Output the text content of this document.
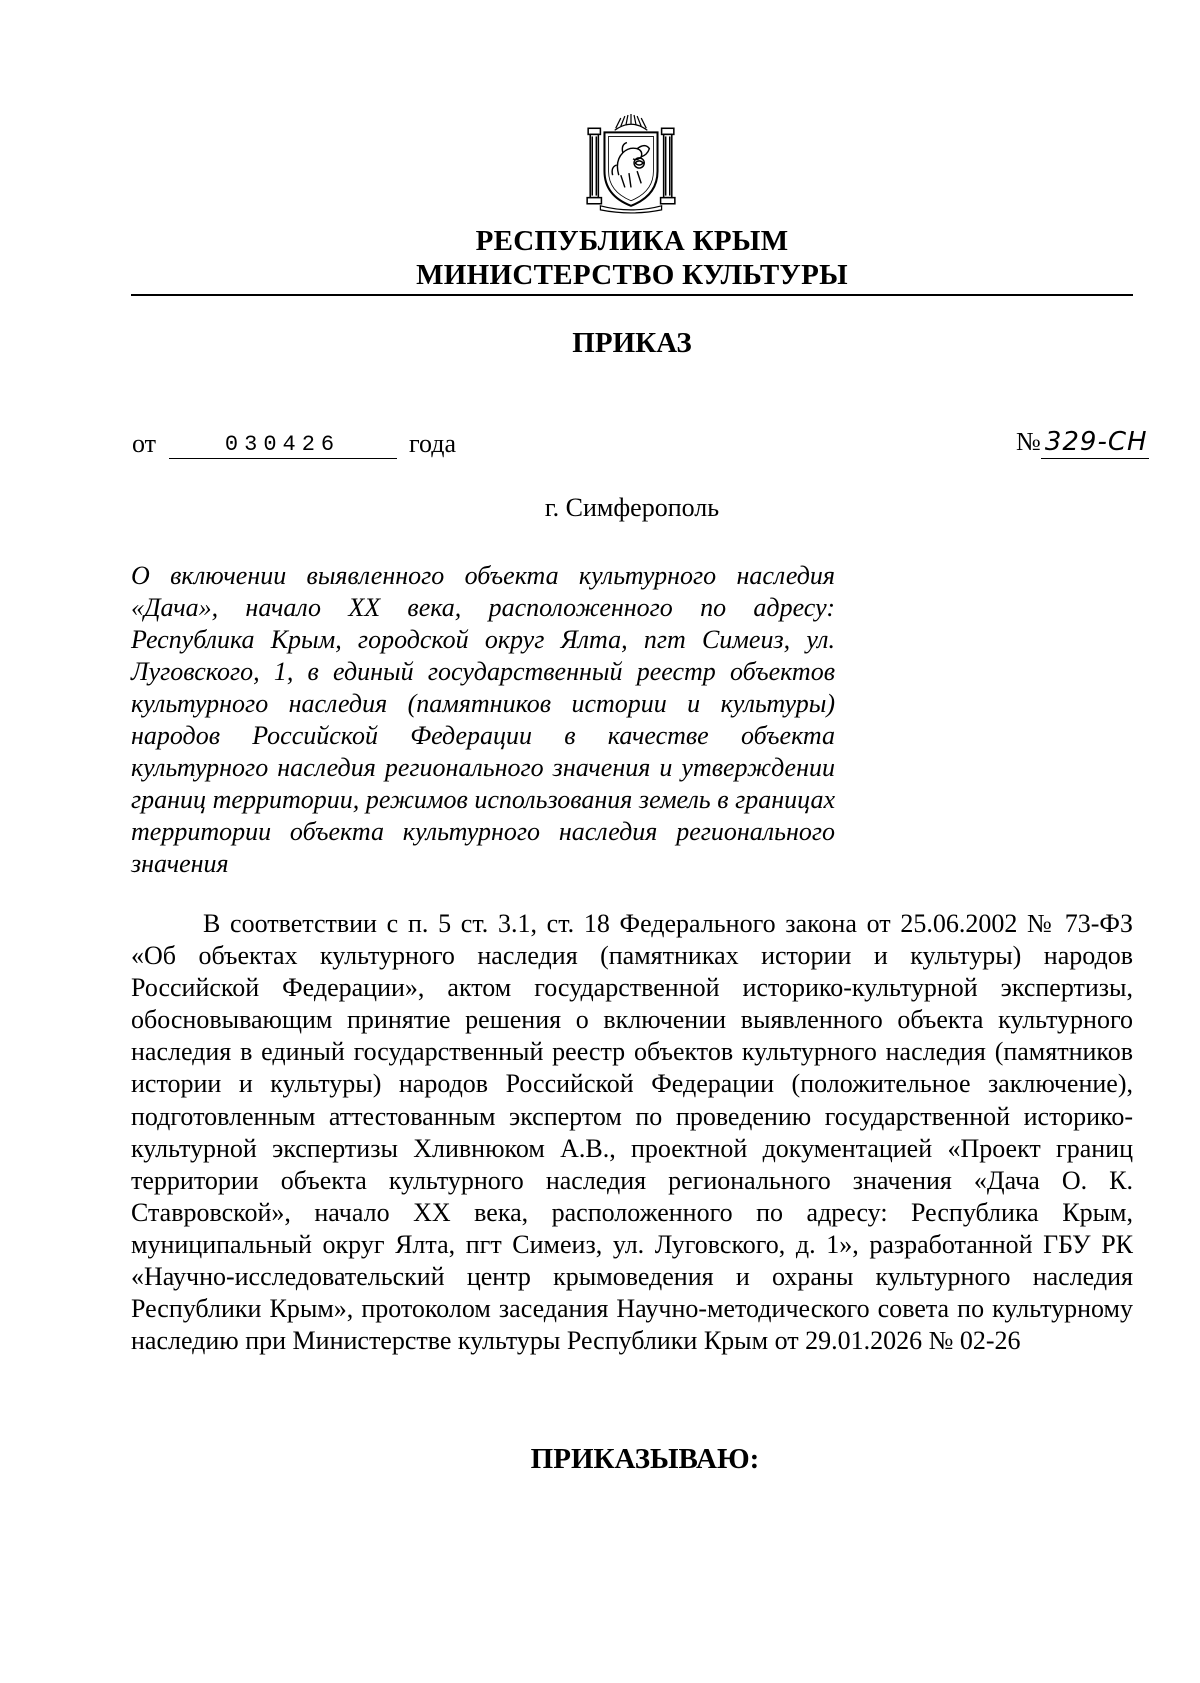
РЕСПУБЛИКА КРЫМ
МИНИСТЕРСТВО КУЛЬТУРЫ
ПРИКАЗ
от	030426	года	№ 329-СН
г. Симферополь
О включении выявленного объекта культурного наследия «Дача», начало XX века, расположенного по адресу: Республика Крым, городской округ Ялта, пгт Симеиз, ул. Луговского, 1, в единый государственный реестр объектов культурного наследия (памятников истории и культуры) народов Российской Федерации в качестве объекта культурного наследия регионального значения и утверждении границ территории, режимов использования земель в границах территории объекта культурного наследия регионального значения
В соответствии с п. 5 ст. 3.1, ст. 18 Федерального закона от 25.06.2002 № 73-ФЗ «Об объектах культурного наследия (памятниках истории и культуры) народов Российской Федерации», актом государственной историко-культурной экспертизы, обосновывающим принятие решения о включении выявленного объекта культурного наследия в единый государственный реестр объектов культурного наследия (памятников истории и культуры) народов Российской Федерации (положительное заключение), подготовленным аттестованным экспертом по проведению государственной историко-культурной экспертизы Хливнюком А.В., проектной документацией «Проект границ территории объекта культурного наследия регионального значения «Дача О. К. Ставровской», начало XX века, расположенного по адресу: Республика Крым, муниципальный округ Ялта, пгт Симеиз, ул. Луговского, д. 1», разработанной ГБУ РК «Научно-исследовательский центр крымоведения и охраны культурного наследия Республики Крым», протоколом заседания Научно-методического совета по культурному наследию при Министерстве культуры Республики Крым от 29.01.2026 № 02-26
ПРИКАЗЫВАЮ:
